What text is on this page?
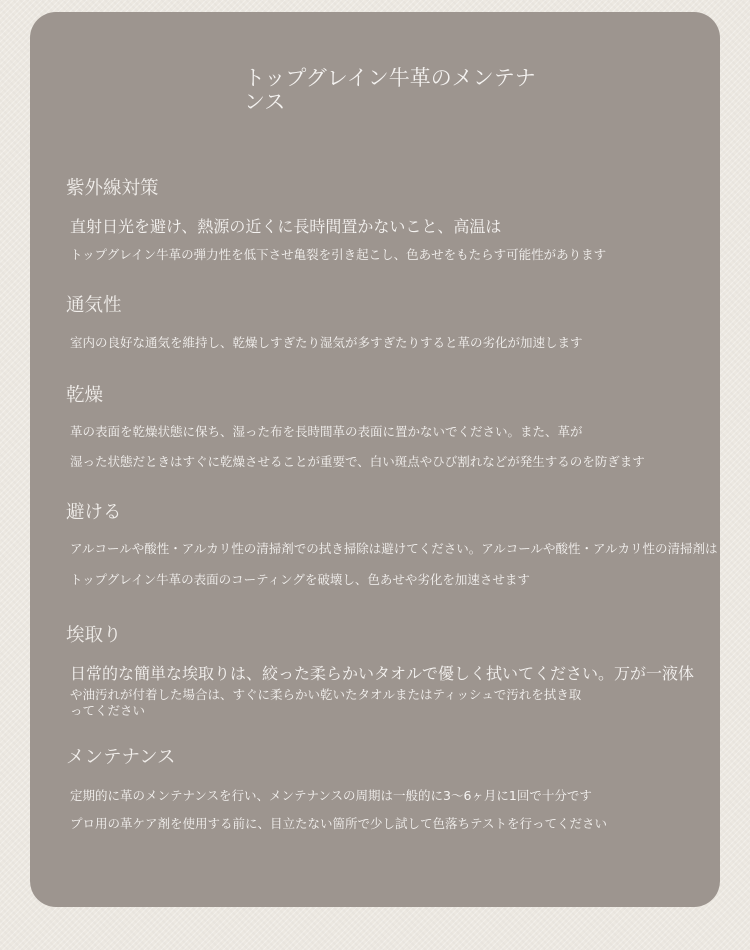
トップグレイン牛革のメンテナンス
紫外線対策
直射日光を避け、熱源の近くに長時間置かないこと、高温は
トップグレイン牛革の弾力性を低下させ亀裂を引き起こし、色あせをもたらす可能性があります
通気性
室内の良好な通気を維持し、乾燥しすぎたり湿気が多すぎたりすると革の劣化が加速します
乾燥
革の表面を乾燥状態に保ち、湿った布を長時間革の表面に置かないでください。また、革が
湿った状態だときはすぐに乾燥させることが重要で、白い斑点やひび割れなどが発生するのを防ぎます
避ける
アルコールや酸性・アルカリ性の清掃剤での拭き掃除は避けてください。アルコールや酸性・アルカリ性の清掃剤は
トップグレイン牛革の表面のコーティングを破壊し、色あせや劣化を加速させます
埃取り
日常的な簡単な埃取りは、絞った柔らかいタオルで優しく拭いてください。万が一液体
や油汚れが付着した場合は、すぐに柔らかい乾いたタオルまたはティッシュで汚れを拭き取ってください
メンテナンス
定期的に革のメンテナンスを行い、メンテナンスの周期は一般的に3〜6ヶ月に1回で十分です
プロ用の革ケア剤を使用する前に、目立たない箇所で少し試して色落ちテストを行ってください
